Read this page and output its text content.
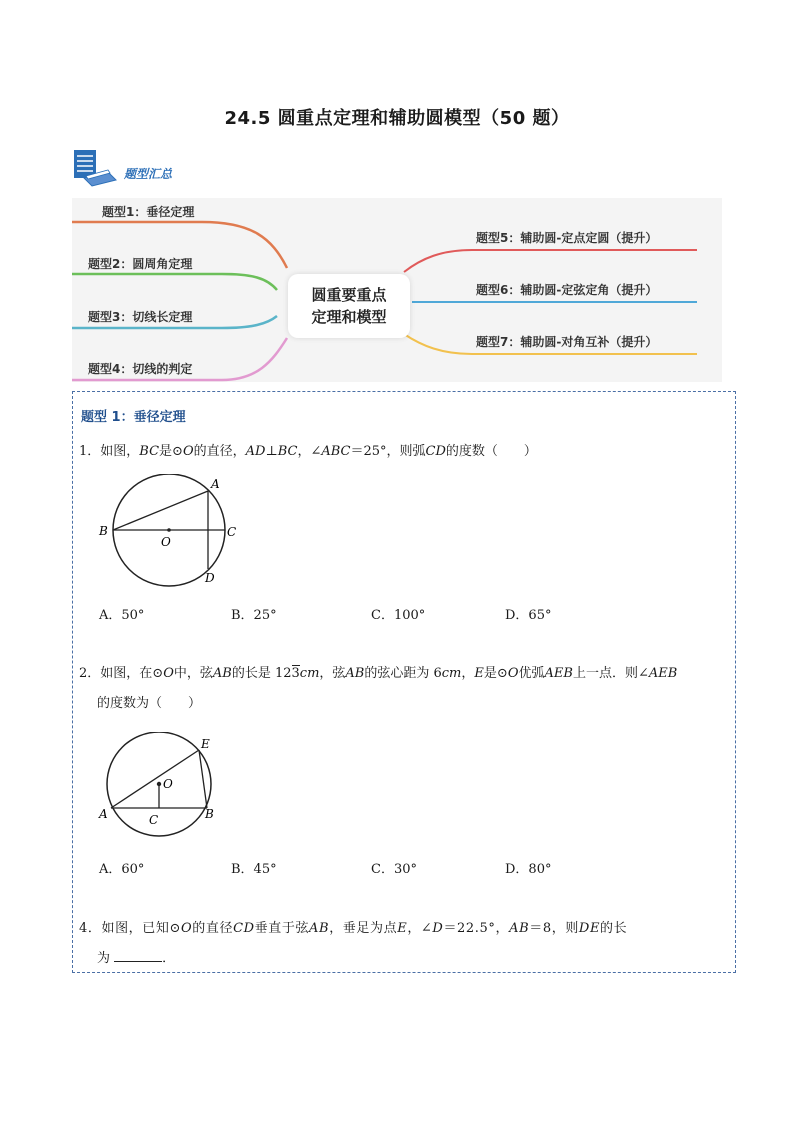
24.5 圆重点定理和辅助圆模型（50 题）
题型汇总
题型1：垂径定理
题型2：圆周角定理
题型3：切线长定理
题型4：切线的判定
圆重要重点
定理和模型
题型5：辅助圆-定点定圆（提升）
题型6：辅助圆-定弦定角（提升）
题型7：辅助圆-对角互补（提升）
题型 1：垂径定理
1．如图，BC是⊙O的直径，AD⊥BC，∠ABC＝25°，则弧CD的度数（　　）
A
B	C
D
O
A．50°	B．25°	C．100°	D．65°
2．如图，在⊙O中，弦AB的长是 123cm，弦AB的弦心距为 6cm，E是⊙O优弧AEB上一点．则∠AEB
的度数为（　　）
E
O
A	B
C
A．60°	B．45°	C．30°	D．80°
4．如图，已知⊙O的直径CD垂直于弦AB，垂足为点E，∠D＝22.5°，AB＝8，则DE的长
为	．
